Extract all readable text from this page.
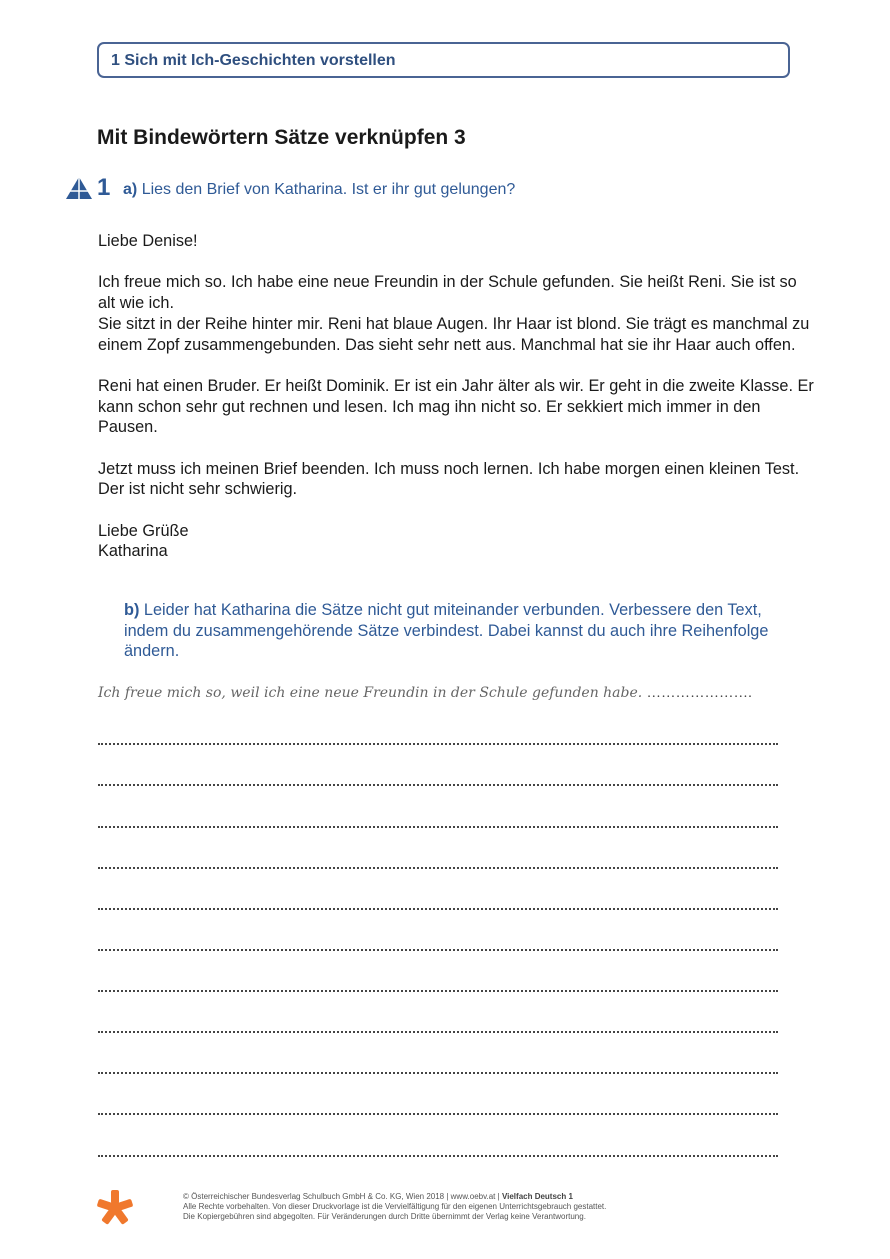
1 Sich mit Ich-Geschichten vorstellen
Mit Bindewörtern Sätze verknüpfen 3
1 a) Lies den Brief von Katharina. Ist er ihr gut gelungen?

Liebe Denise!

Ich freue mich so. Ich habe eine neue Freundin in der Schule gefunden. Sie heißt Reni. Sie ist so alt wie ich.

Sie sitzt in der Reihe hinter mir. Reni hat blaue Augen. Ihr Haar ist blond. Sie trägt es manchmal zu einem Zopf zusammengebunden. Das sieht sehr nett aus. Manchmal hat sie ihr Haar auch offen.

Reni hat einen Bruder. Er heißt Dominik. Er ist ein Jahr älter als wir. Er geht in die zweite Klasse. Er kann schon sehr gut rechnen und lesen. Ich mag ihn nicht so. Er sekkiert mich immer in den Pausen.

Jetzt muss ich meinen Brief beenden. Ich muss noch lernen. Ich habe morgen einen kleinen Test. Der ist nicht sehr schwierig.

Liebe Grüße

Katharina

b) Leider hat Katharina die Sätze nicht gut miteinander verbunden. Verbessere den Text, indem du zusammengehörende Sätze verbindest. Dabei kannst du auch ihre Reihenfolge ändern.
Ich freue mich so, weil ich eine neue Freundin in der Schule gefunden habe. ………………….
© Österreichischer Bundesverlag Schulbuch GmbH & Co. KG, Wien 2018 | www.oebv.at | Vielfach Deutsch 1
Alle Rechte vorbehalten. Von dieser Druckvorlage ist die Vervielfältigung für den eigenen Unterrichtsgebrauch gestattet.
Die Kopiergebühren sind abgegolten. Für Veränderungen durch Dritte übernimmt der Verlag keine Verantwortung.
